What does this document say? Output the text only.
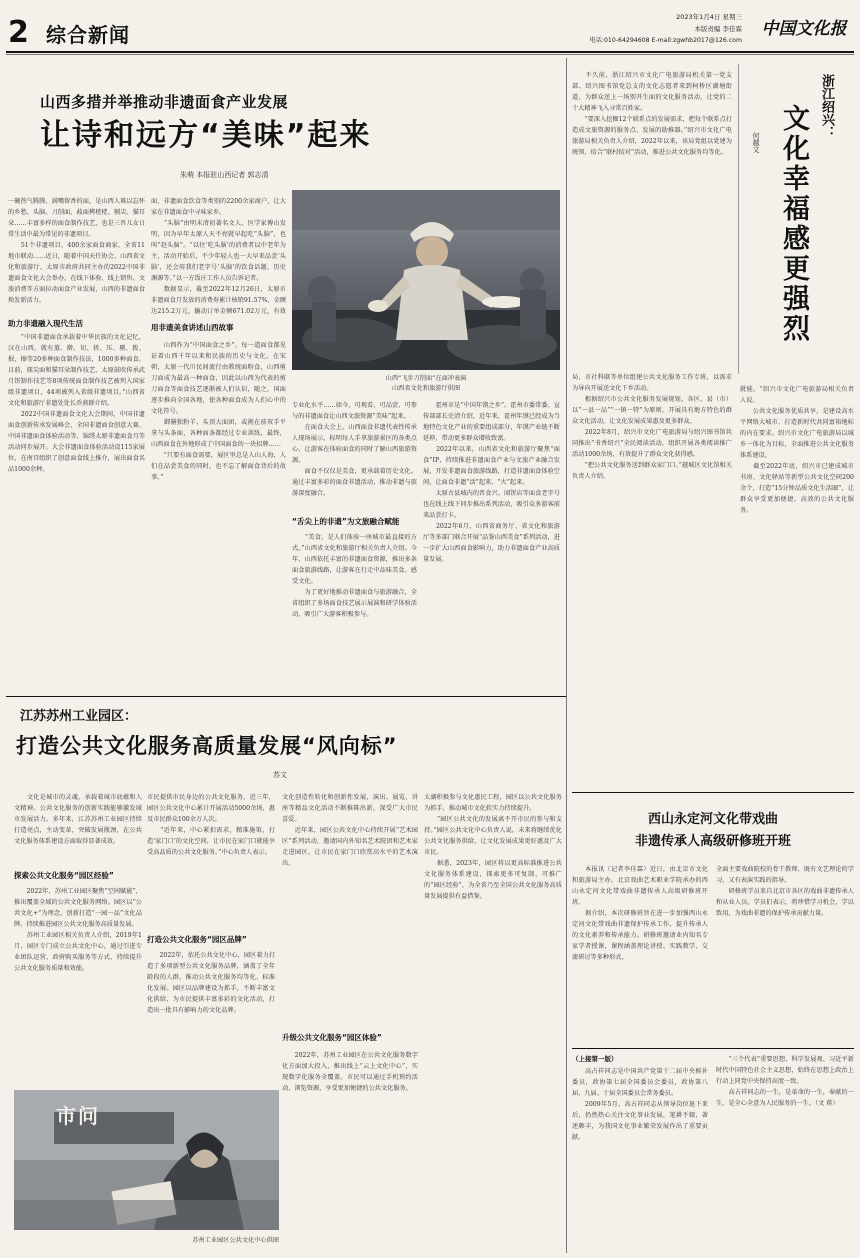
2 综合新闻
2023年1月4日 星期三
本版责编 李佳霖
电话:010-64294608 E-mail:zgwhb2017@126.com
中国文化报
山西多措并举推动非遗面食产业发展
让诗和远方“美味”起来
朱萌 本报驻山西记者 郭志清
一碗热气腾腾、满嘴留香的面，是山西人难以忘怀的乡愁。头脑、刀削面、莜面栲栳栳、剔尖、猫耳朵……丰富多样的面食制作技艺，也是三晋儿女日常生活中最为常见的非遗项目。
　　51个非遗项目、400余家面食商家、全省11地市联动……近日，随着中国天任协会、山西省文化和旅游厅、太原市政府共同主办的2022中国非遗面食文化大会举办，在线下体验、线上销售、文旅消费等方面拉动面食产业发展，山西的非遗面食焕发新活力。
助力非遗融入现代生活
　　“中国非遗面食承载着中华民族的文化记忆，汉在山西，就有蒸、擀、切、搓、压、剔、拨、抿、擦等20多种面食制作技法，1000多种面食。目前，探尖面和猫耳朵制作技艺、太原鼓吹传承武月饼制作技艺等8项传统面食制作技艺被列入国家级非遗项目，44项被列入省级非遗项目。”山西省文化和旅游厅非遗处处长乔燕群介绍。
　　2022中国非遗面食文化大会期间，中国非遗面食创新传承发展峰会、全国非遗面食创意大赛、中国非遗面食体验活动等、锦绣太原非遗面食月等活动同步展开。大会非遗面食体验活动设115家展位，在南宫组织了创意面食线上推介，展出面食名品1000余种。
面、非遗面食饮食等类别的2200余家商户，让大家在非遗面食中寻味家乡。
　　“头脑”由明末清初著名文人、医学家傅山发明，因为早年太原人天不亮就早起吃“头脑”，也叫“赶头脑”。“以往‘吃头脑’的消费者以中老年为主，活动开始后，不少年轻人也一大早来品尝‘头脑’，还会用我们老字号‘头脑’的饮食话题，历史渊源等。”以一方饭庄工作人员告诉记者。
　　数据显示，截至2022年12月26日，太原市非遗面食月发放的消费券累计核销91.57%，金额达215.2万元，撬动订单金额671.02万元，有效
用非遗美食讲述山西故事
　　山西作为“中国面食之乡”，每一道面食都见证着山西千年以来和民族的历史与文化。在宋朝，太原一代川民间流行由教统面粉食，山西剪刀面成为最高一种面食，因此以山西为代表的剪刀面食等面食技艺逐渐被人们认识，随之，国面逐步推向全国各地，使各种面食成为人们心中的文化符号。
　　御膳独粉羊、头顶大面团，或挑在前双手平拿与头条面，各种面条都经过专业训练，最终，山西面食在外地形成了中国面食的一块招牌……
　　“只要有面食需要，展区里总是人山人海，人们在品尝美食的同时，也不忘了解面食背后的故事。”
山西“飞步刀削面”在面冲表演
山西省文化和旅游厅供图
专业化水平……如今，可观看、可品尝、可参与的非遗面食让山西文旅资源“美味”起来。
　　在面食大会上，山西面食非遗代表性传承人现场展示，标明每人手拿旅游景区的各类点心，让游客在体验面食的同时了解山西旅游资源。
　　面食不仅仅是美食，更承载着历史文化。通过丰富多彩的面食非遗活动，推动非遗与旅游深度融合。
“舌尖上的非遗”为文旅融合赋能
　　“美食，是人们体验一座城市最直接的方式。”山西省文化和旅游厅相关负责人介绍。今年，山西依托丰富的非遗面食资源，推出多条面食旅游线路，让游客在行走中品味美食、感受文化。
　　为了更好地推动非遗面食与旅游融合，全省组织了多场面食技艺展示展演和研学体验活动，吸引广大游客积极参与。
　　霍州市是“中国年馍之乡”。霍州市委常委、宣传部部长史清介绍，近年来，霍州年馍已经成为当地特色文化产业的重要组成部分，年馍产业链不断延伸，带动更多群众增收致富。
　　2022年以来，山西省文化和旅游厅聚焦“面食”IP，持续推进非遗面食产业与文旅产业融合发展，开发非遗面食旅游线路，打造非遗面食体验空间，让面食非遗“活”起来、“火”起来。
　　太原古县城内的晋食兴、闻饼店等面食老字号也在线上线下同步推出系列活动，吸引众多游客前来品尝打卡。
　　2022年6月，山西省商务厅、省文化和旅游厅等多部门联合开展“品鉴山西美食”系列活动，进一步扩大山西面食影响力，助力非遗面食产业高质量发展。
江苏苏州工业园区：
打造公共文化服务高质量发展“风向标”
苏文
　　文化是城市的灵魂，承载着城市底蕴和人文精神。公共文化服务的创新实践能够激发城市发展活力。多年来，江苏苏州工业园区持续打造亮点，主动变革，突破发展瓶颈，在公共文化服务体系建设方面取得显著成效。
探索公共文化服务“园区经验”
　　2022年，苏州工业园区聚焦“空间赋能”，推出覆盖全域的公共文化服务网络。园区以“公共文化+”为理念，创新打造“一园一品”文化品牌，持续推进园区公共文化服务高质量发展。
　　苏州工业园区相关负责人介绍，2019年1月，园区专门成立公共文化中心，通过引进专业团队运营、政府购买服务等方式，持续提升公共文化服务质量和效能。
市问
苏州工业园区公共文化中心供图
市民提供市民身边的公共文化服务，近三年，园区公共文化中心累计开展活动5000余场，惠及市民群众100余万人次。
　　“近年来，中心紧扣需求，精准施策，打造‘家门口’的文化空间，让市民在家门口就能享受高品质的公共文化服务。”中心负责人表示。
打造公共文化服务“园区品牌”
　　2022年，依托公共文化中心，园区着力打造了多项新型公共文化服务品牌，涵盖了全年龄段的人群，推动公共文化服务均等化、标准化发展。园区以品牌建设为抓手，不断丰富文化供给，为市民提供丰富多彩的文化活动，打造出一批具有影响力的文化品牌。
文化创造性转化和创新性发展，演出、展览、讲座等精品文化活动不断推陈出新，深受广大市民喜爱。
　　近年来，园区公共文化中心持续开展“艺术园区”系列活动，邀请国内外知名艺术院团和艺术家走进园区，让市民在家门口欣赏高水平的艺术演出。
升级公共文化服务“园区体验”
　　2022年，苏州工业园区在公共文化服务数字化方面加大投入，推出线上“云上文化中心”，实现数字化服务全覆盖。市民可以通过手机预约活动、浏览资源，享受更加便捷的公共文化服务。
太湖积极参与文化惠民工程，园区以公共文化服务为抓手，推动城市文化软实力持续提升。
　　“园区公共文化的发展离不开市民的参与和支持。”园区公共文化中心负责人说，未来将继续优化公共文化服务供给，让文化发展成果更好惠及广大市民。
　　据悉，2023年，园区将以更高标准推进公共文化服务体系建设，探索更多可复制、可推广的“园区经验”，为全省乃至全国公共文化服务高质量发展提供有益借鉴。
浙江绍兴：
文化幸福感更强烈
何越文
　　不久前，浙江绍兴市文化广电旅游局机关第一党支部、绍兴图书馆党总支的文化志愿者来到柯桥区湖塘街道，为群众送上一场别开生面的文化服务活动，让党的二十大精神飞入寻常百姓家。
　　“要深入挖掘12个联系点的发展需求，把每个联系点打造成文旅资源的服务点、发展的助推器。”绍兴市文化广电旅游局相关负责人介绍，2022年以来，该局党组以党建为统领，结合“联村结对”活动，推进公共文化服务均等化。
局、市社科联等单位组建公共文化服务工作专班，以需求为导向开展送文化下乡活动。
　　根据绍兴市公共文化服务发展规划，各区、县（市）以“一县一品”“一镇一特”为原则，开展具有地方特色的群众文化活动，让文化发展成果惠及更多群众。
　　2022年8月，绍兴市文化广电旅游局与绍兴图书馆共同推出“书香绍兴”全民阅读活动，组织开展各类阅读推广活动1000余场，有效提升了群众文化获得感。
　　“把公共文化服务送到群众家门口。”越城区文化馆相关负责人介绍。
就能。“绍兴市文化广电旅游局相关负责人说。
　　公共文化服务优质共享，是建设高水平网络大城市、打造新时代共同富裕地标的内在要求。绍兴市文化广电旅游局以城乡一体化为目标，全面推进公共文化服务体系建设。
　　截至2022年底，绍兴市已建成城市书房、文化驿站等新型公共文化空间200余个，打造“15分钟品质文化生活圈”，让群众享受更加便捷、高效的公共文化服务。
西山永定河文化带戏曲
非遗传承人高级研修班开班
　　本报讯（记者李佳霖）近日，由北京市文化和旅游局主办，北京戏曲艺术职业学院承办的西山永定河文化带戏曲非遗传承人高级研修班开班。
　　据介绍，本次研修班旨在进一步加强西山永定河文化带戏曲非遗保护传承工作，提升传承人的文化素养和传承能力。研修班邀请业内知名专家学者授课，课程涵盖理论讲授、实践教学、交流研讨等多种形式。
全面主要戏曲院校的骨干教师，既有文艺理论的学习，又有表演实践的指导。
　　研修班学员来自北京市各区的戏曲非遗传承人和从业人员。学员们表示，将珍惜学习机会，学以致用，为戏曲非遗的保护传承贡献力量。
（上接第一版）
　　高占祥同志是中国共产党第十二届中央候补委员，政协第七届全国委员会委员，政协第八届、九届、十届全国委员会常务委员。
　　2009年5月，高占祥同志从领导岗位退下来后，仍然热心关注文化事业发展，笔耕不辍，著述颇丰，为我国文化事业繁荣发展作出了重要贡献。
　　“三个代表”重要思想、科学发展观、习近平新时代中国特色社会主义思想，始终在思想上政治上行动上同党中央保持高度一致。
　　高占祥同志的一生，是革命的一生，奉献的一生，是全心全意为人民服务的一生。（文 蒋）
